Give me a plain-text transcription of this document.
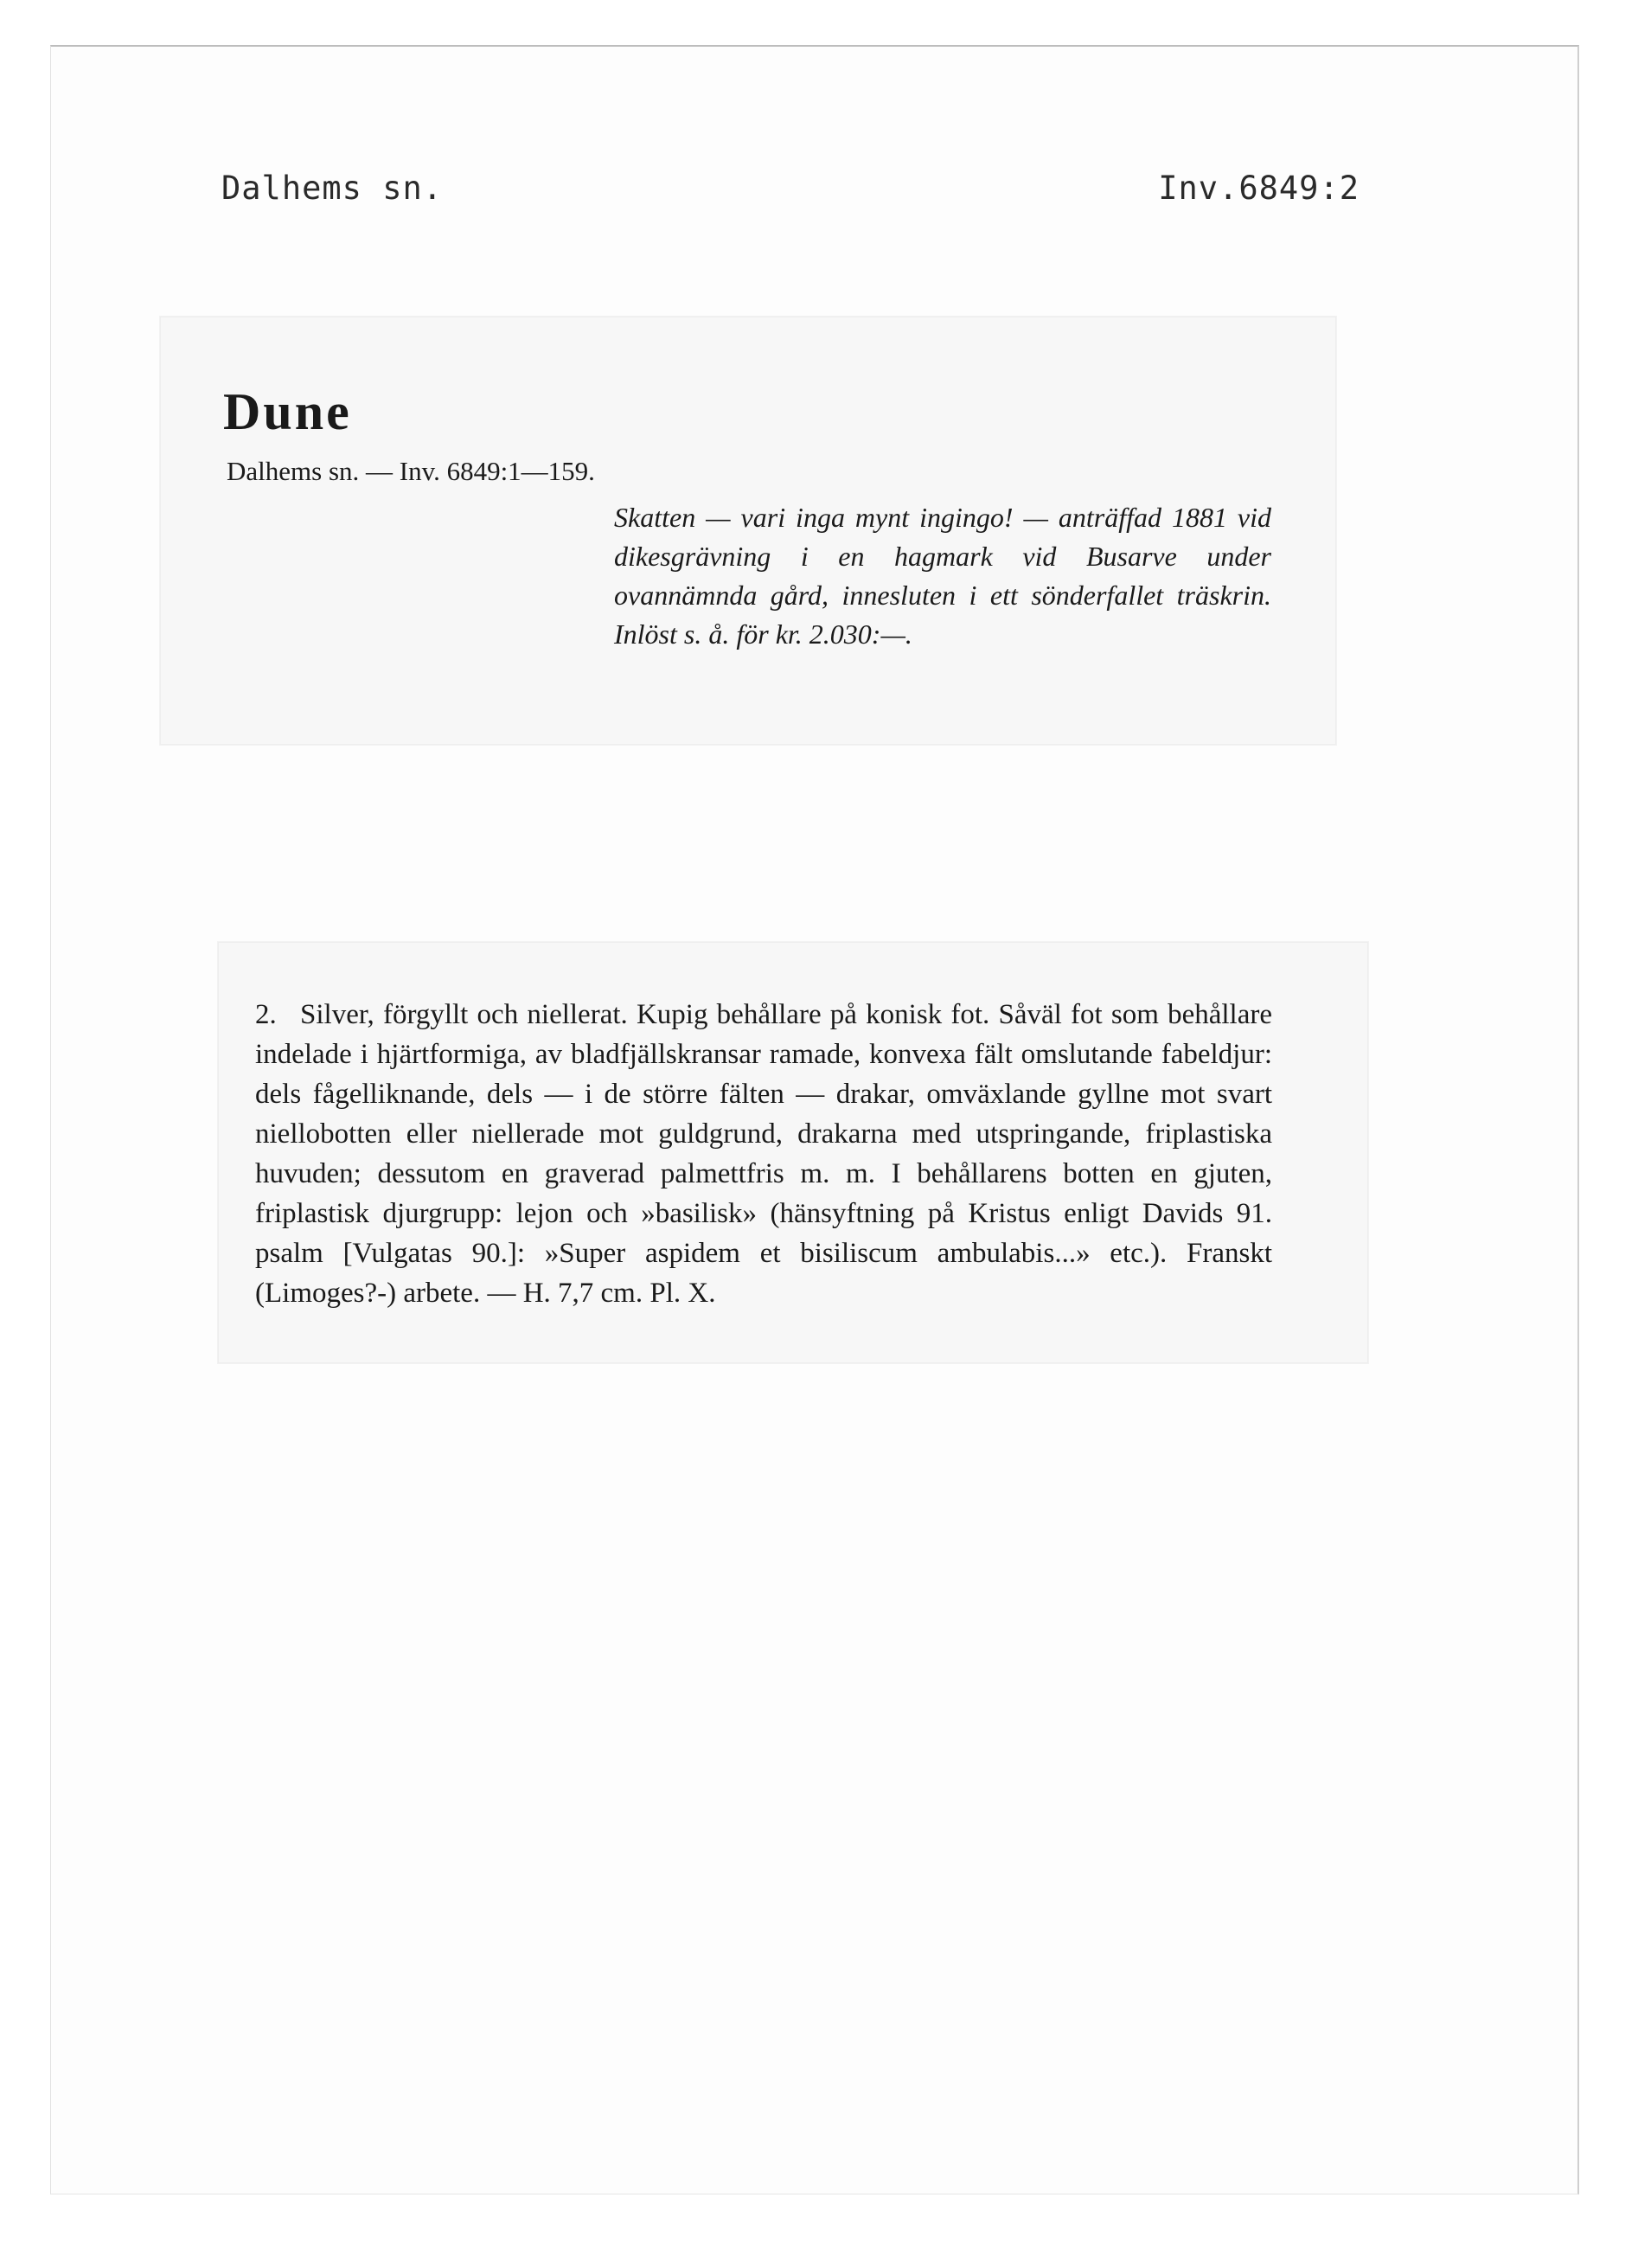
Dalhems sn.	Inv.6849:2
Dune
Dalhems sn. — Inv. 6849:1—159.

Skatten — vari inga mynt ingingo! — anträffad 1881 vid dikesgrävning i en hagmark vid Busarve under ovannämnda gård, innesluten i ett sönderfallet träskrin. Inlöst s. å. för kr. 2.030:—.

2. Silver, förgyllt och niellerat. Kupig behållare på konisk fot. Såväl fot som behållare indelade i hjärtformiga, av bladfjällskransar ramade, konvexa fält omslutande fabeldjur: dels fågelliknande, dels — i de större fälten — drakar, omväxlande gyllne mot svart niellobotten eller niellerade mot guldgrund, drakarna med utspringande, friplastiska huvuden; dessutom en graverad palmettfris m. m. I behållarens botten en gjuten, friplastisk djurgrupp: lejon och »basilisk» (hänsyftning på Kristus enligt Davids 91. psalm [Vulgatas 90.]: »Super aspidem et bisiliscum ambulabis...» etc.). Franskt (Limoges?-) arbete. — H. 7,7 cm. Pl. X.
